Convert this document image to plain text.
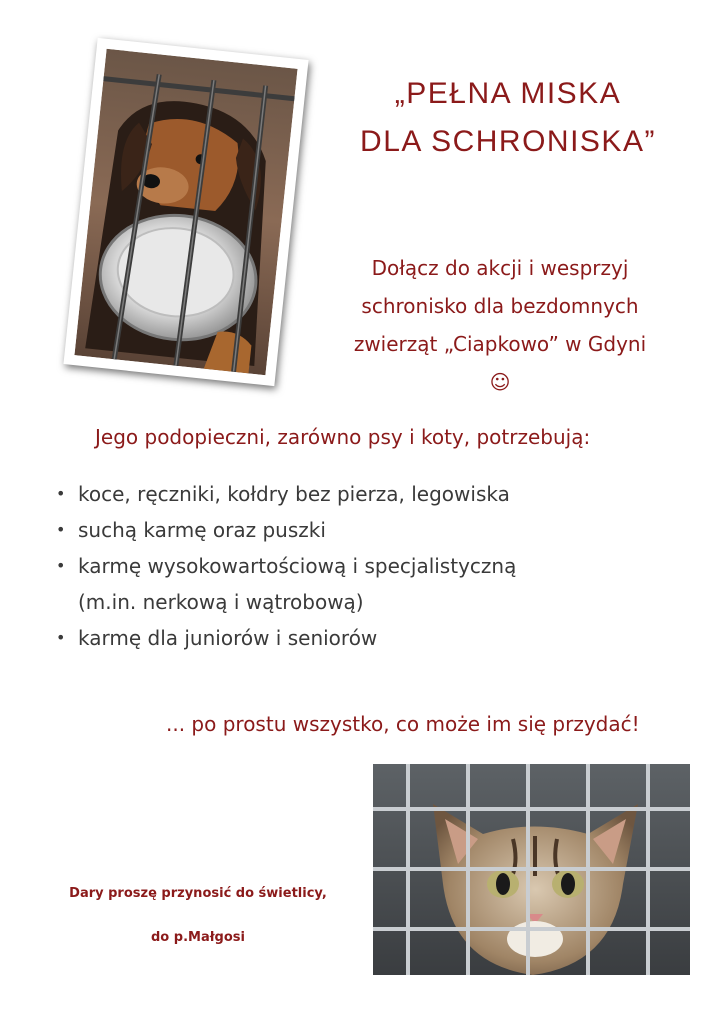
„PEŁNA MISKA
DLA SCHRONISKA”
Dołącz do akcji i wesprzyj
schronisko dla bezdomnych
zwierząt „Ciapkowo” w Gdyni
☺
Jego podopieczni, zarówno psy i koty, potrzebują:
• koce, ręczniki, kołdry bez pierza, legowiska
• suchą karmę oraz puszki
• karmę wysokowartościową i specjalistyczną
(m.in. nerkową i wątrobową)
• karmę dla juniorów i seniorów
... po prostu wszystko, co może im się przydać!
Dary proszę przynosić do świetlicy,
do p.Małgosi
